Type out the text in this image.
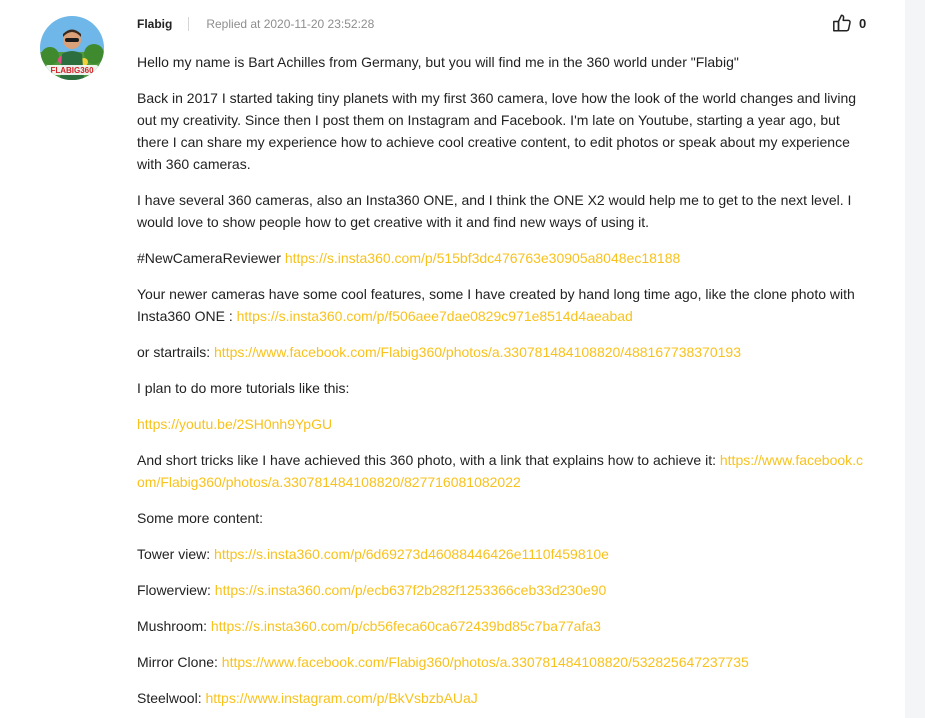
FLABIG360
Flabig	Replied at 2020-11-20 23:52:28	0

Hello my name is Bart Achilles from Germany, but you will find me in the 360 world under "Flabig"

Back in 2017 I started taking tiny planets with my first 360 camera, love how the look of the world changes and living out my creativity. Since then I post them on Instagram and Facebook. I'm late on Youtube, starting a year ago, but there I can share my experience how to achieve cool creative content, to edit photos or speak about my experience with 360 cameras.

I have several 360 cameras, also an Insta360 ONE, and I think the ONE X2 would help me to get to the next level. I would love to show people how to get creative with it and find new ways of using it.

#NewCameraReviewer https://s.insta360.com/p/515bf3dc476763e30905a8048ec18188

Your newer cameras have some cool features, some I have created by hand long time ago, like the clone photo with Insta360 ONE : https://s.insta360.com/p/f506aee7dae0829c971e8514d4aeabad

or startrails: https://www.facebook.com/Flabig360/photos/a.330781484108820/488167738370193

I plan to do more tutorials like this:

https://youtu.be/2SH0nh9YpGU

And short tricks like I have achieved this 360 photo, with a link that explains how to achieve it: https://www.facebook.com/Flabig360/photos/a.330781484108820/827716081082022

Some more content:

Tower view: https://s.insta360.com/p/6d69273d46088446426e1110f459810e

Flowerview: https://s.insta360.com/p/ecb637f2b282f1253366ceb33d230e90

Mushroom: https://s.insta360.com/p/cb56feca60ca672439bd85c7ba77afa3

Mirror Clone: https://www.facebook.com/Flabig360/photos/a.330781484108820/532825647237735

Steelwool: https://www.instagram.com/p/BkVsbzbAUaJ
